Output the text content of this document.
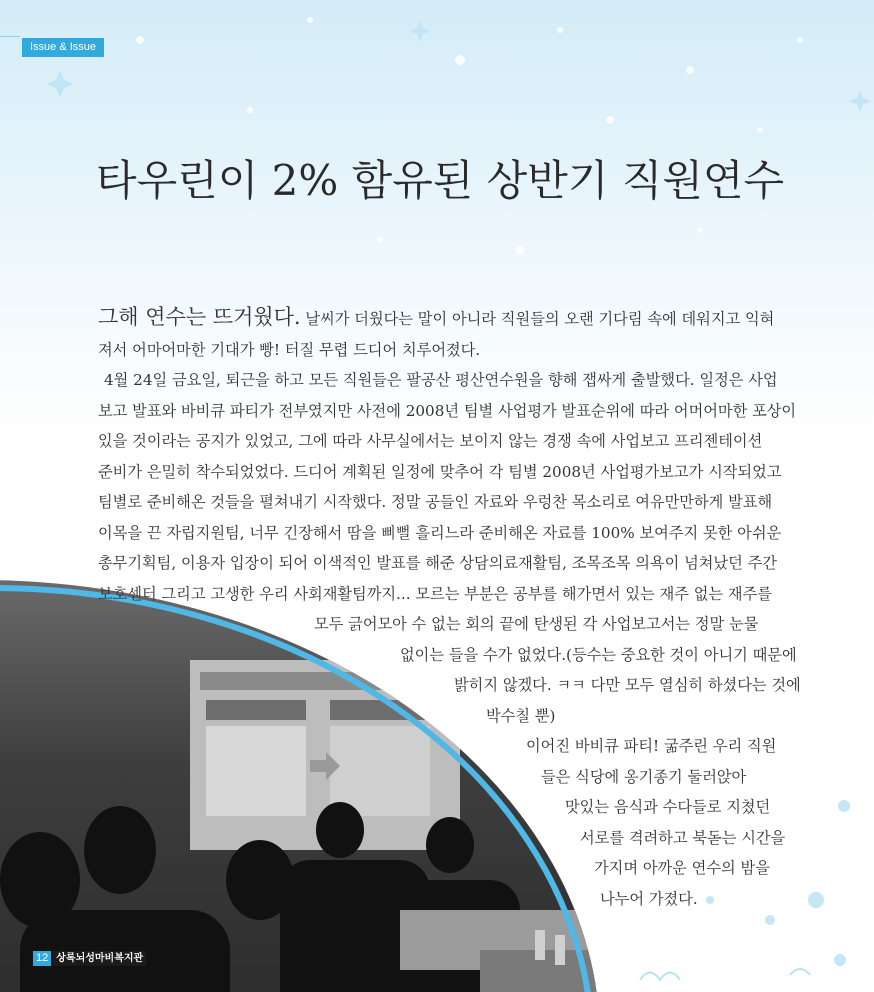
Issue & Issue
타우린이 2% 함유된 상반기 직원연수
그해 연수는 뜨거웠다. 날씨가 더웠다는 말이 아니라 직원들의 오랜 기다림 속에 데워지고 익혀
져서 어마어마한 기대가 빵! 터질 무렵 드디어 치루어졌다.
4월 24일 금요일, 퇴근을 하고 모든 직원들은 팔공산 평산연수원을 향해 잽싸게 출발했다. 일정은 사업
보고 발표와 바비큐 파티가 전부였지만 사전에 2008년 팀별 사업평가 발표순위에 따라 어머어마한 포상이
있을 것이라는 공지가 있었고, 그에 따라 사무실에서는 보이지 않는 경쟁 속에 사업보고 프리젠테이션
준비가 은밀히 착수되었었다. 드디어 계획된 일정에 맞추어 각 팀별 2008년 사업평가보고가 시작되었고
팀별로 준비해온 것들을 펼쳐내기 시작했다. 정말 공들인 자료와 우렁찬 목소리로 여유만만하게 발표해
이목을 끈 자립지원팀, 너무 긴장해서 땀을 삐뻘 흘리느라 준비해온 자료를 100% 보여주지 못한 아쉬운
총무기획팀, 이용자 입장이 되어 이색적인 발표를 해준 상담의료재활팀, 조목조목 의욕이 넘쳐났던 주간
보호센터 그리고 고생한 우리 사회재활팀까지... 모르는 부분은 공부를 해가면서 있는 재주 없는 재주를
모두 긁어모아 수 없는 회의 끝에 탄생된 각 사업보고서는 정말 눈물
없이는 들을 수가 없었다.(등수는 중요한 것이 아니기 때문에
밝히지 않겠다. ㅋㅋ 다만 모두 열심히 하셨다는 것에
박수칠 뿐)
이어진 바비큐 파티! 굶주린 우리 직원
들은 식당에 옹기종기 둘러앉아
맛있는 음식과 수다들로 지쳤던
서로를 격려하고 북돋는 시간을
가지며 아까운 연수의 밤을
나누어 가졌다.
12 상록뇌성마비복지관
